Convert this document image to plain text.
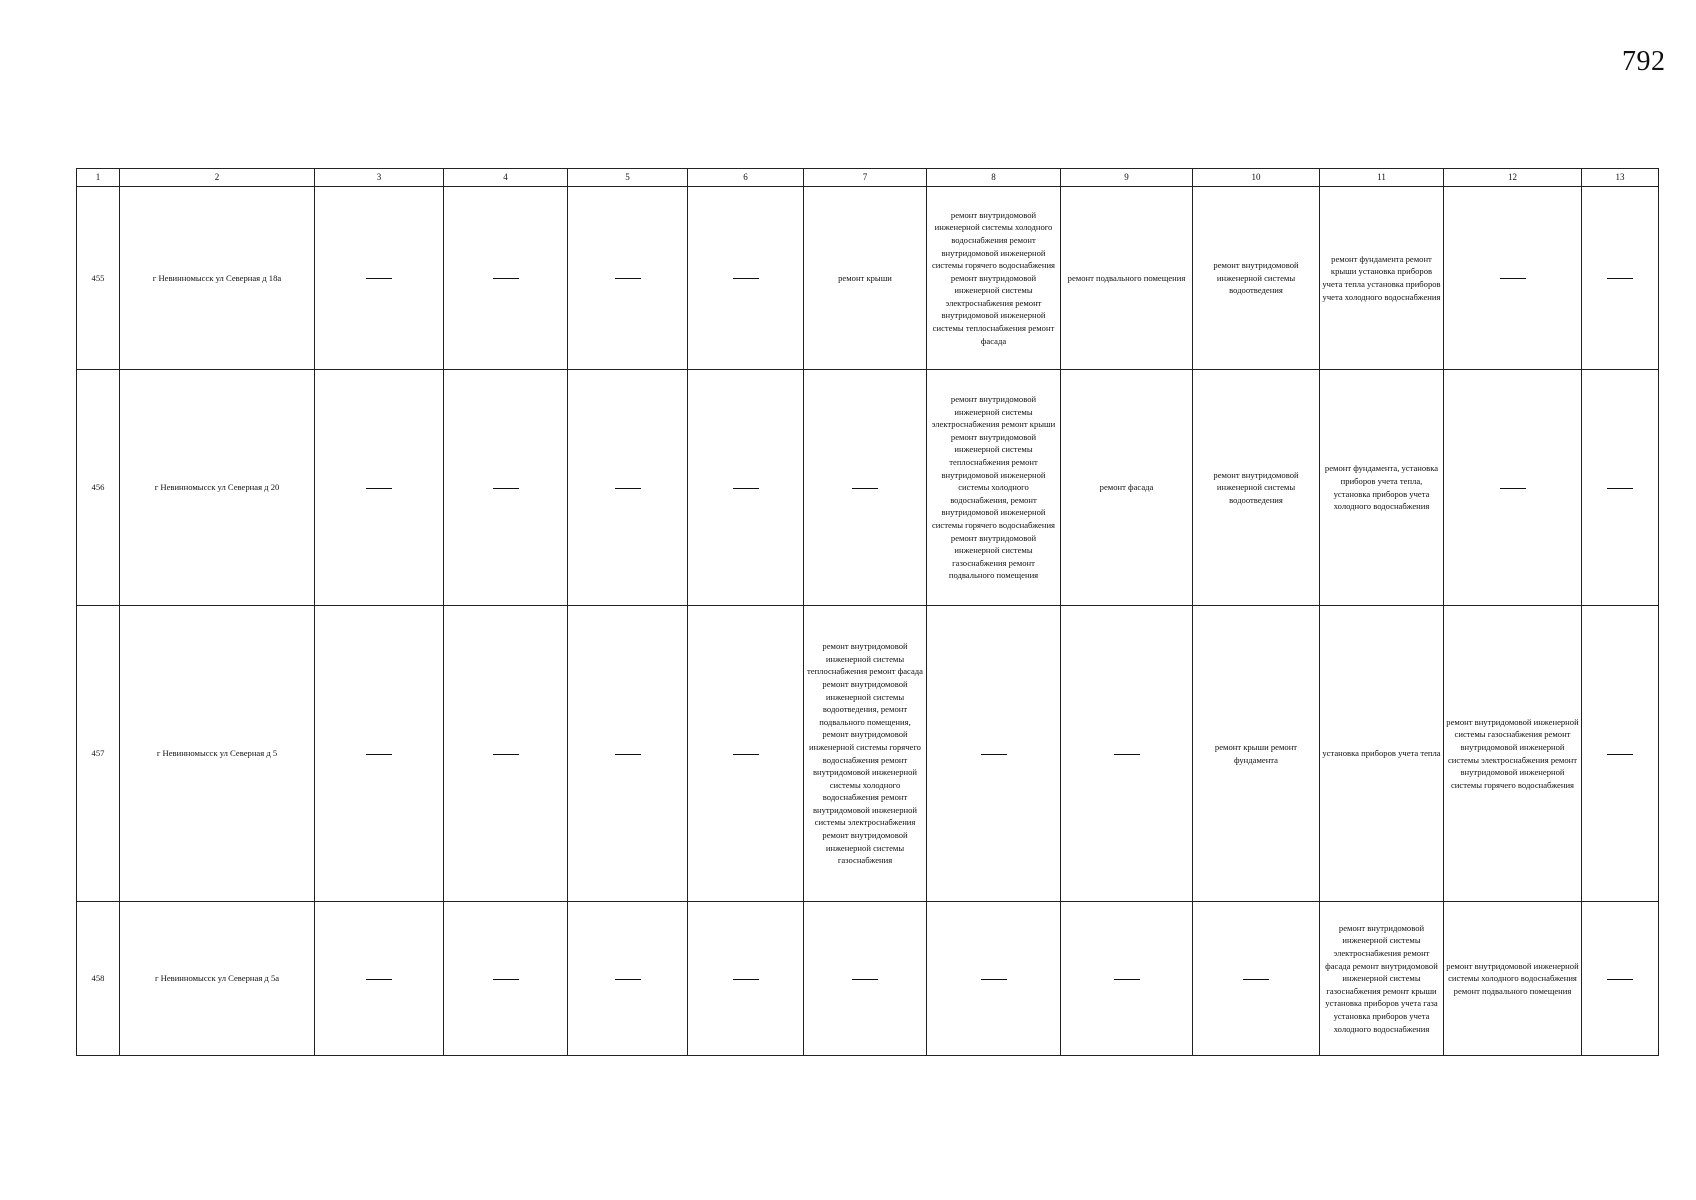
792
1	2	3	4	5	6	7	8	9	10	11	12	13
455	г Невинномысск ул Северная д 18а					ремонт крыши	ремонт внутридомовой инженерной системы холодного водоснабжения ремонт внутридомовой инженерной системы горячего водоснабжения ремонт внутридомовой инженерной системы электроснабжения ремонт внутридомовой инженерной системы теплоснабжения ремонт фасада	ремонт подвального помещения	ремонт внутридомовой инженерной системы водоотведения	ремонт фундамента ремонт крыши установка приборов учета тепла установка приборов учета холодного водоснабжения		
456	г Невинномысск ул Северная д 20						ремонт внутридомовой инженерной системы электроснабжения ремонт крыши ремонт внутридомовой инженерной системы теплоснабжения ремонт внутридомовой инженерной системы холодного водоснабжения, ремонт внутридомовой инженерной системы горячего водоснабжения ремонт внутридомовой инженерной системы газоснабжения ремонт подвального помещения	ремонт фасада	ремонт внутридомовой инженерной системы водоотведения	ремонт фундамента, установка приборов учета тепла, установка приборов учета холодного водоснабжения		
457	г Невинномысск ул Северная д 5					ремонт внутридомовой инженерной системы теплоснабжения ремонт фасада ремонт внутридомовой инженерной системы водоотведения, ремонт подвального помещения, ремонт внутридомовой инженерной системы горячего водоснабжения ремонт внутридомовой инженерной системы холодного водоснабжения ремонт внутридомовой инженерной системы электроснабжения ремонт внутридомовой инженерной системы газоснабжения			ремонт крыши ремонт фундамента	установка приборов учета тепла	ремонт внутридомовой инженерной системы газоснабжения ремонт внутридомовой инженерной системы электроснабжения ремонт внутридомовой инженерной системы горячего водоснабжения	
458	г Невинномысск ул Северная д 5а									ремонт внутридомовой инженерной системы электроснабжения ремонт фасада ремонт внутридомовой инженерной системы газоснабжения ремонт крыши установка приборов учета газа установка приборов учета холодного водоснабжения	ремонт внутридомовой инженерной системы холодного водоснабжения ремонт подвального помещения	
